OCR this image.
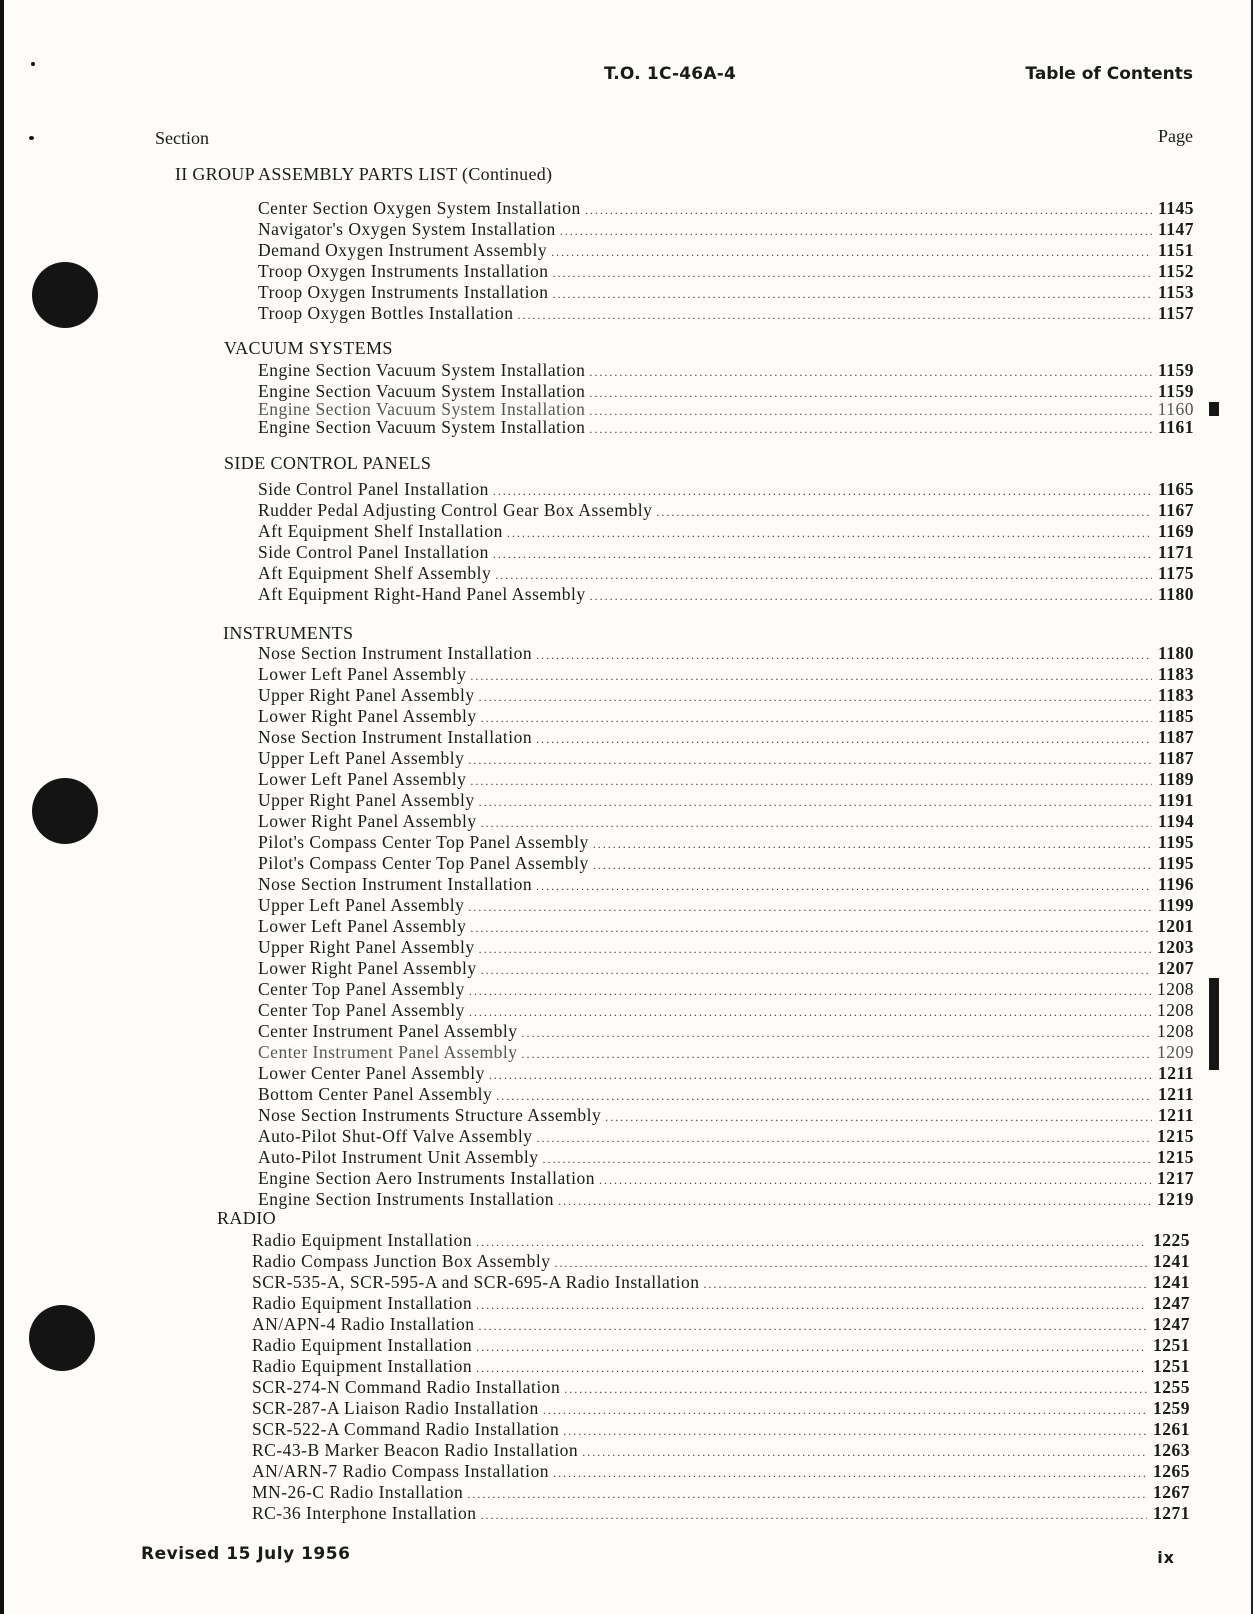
T.O. 1C-46A-4	Table of Contents
Section	Page
II GROUP ASSEMBLY PARTS LIST (Continued)
Center Section Oxygen System Installation .....	1145
Navigator's Oxygen System Installation .....	1147
Demand Oxygen Instrument Assembly .....	1151
Troop Oxygen Instruments Installation .....	1152
Troop Oxygen Instruments Installation .....	1153
Troop Oxygen Bottles Installation .....	1157
VACUUM SYSTEMS
Engine Section Vacuum System Installation .....	1159
Engine Section Vacuum System Installation .....	1159
Engine Section Vacuum System Installation .....	1160
Engine Section Vacuum System Installation .....	1161
SIDE CONTROL PANELS
Side Control Panel Installation .....	1165
Rudder Pedal Adjusting Control Gear Box Assembly .....	1167
Aft Equipment Shelf Installation .....	1169
Side Control Panel Installation .....	1171
Aft Equipment Shelf Assembly .....	1175
Aft Equipment Right-Hand Panel Assembly .....	1180
INSTRUMENTS
Nose Section Instrument Installation .....	1180
Lower Left Panel Assembly .....	1183
Upper Right Panel Assembly .....	1183
Lower Right Panel Assembly .....	1185
Nose Section Instrument Installation .....	1187
Upper Left Panel Assembly .....	1187
Lower Left Panel Assembly .....	1189
Upper Right Panel Assembly .....	1191
Lower Right Panel Assembly .....	1194
Pilot's Compass Center Top Panel Assembly .....	1195
Pilot's Compass Center Top Panel Assembly .....	1195
Nose Section Instrument Installation .....	1196
Upper Left Panel Assembly .....	1199
Lower Left Panel Assembly .....	1201
Upper Right Panel Assembly .....	1203
Lower Right Panel Assembly .....	1207
Center Top Panel Assembly .....	1208
Center Top Panel Assembly .....	1208
Center Instrument Panel Assembly .....	1208
Center Instrument Panel Assembly .....	1209
Lower Center Panel Assembly .....	1211
Bottom Center Panel Assembly .....	1211
Nose Section Instruments Structure Assembly .....	1211
Auto-Pilot Shut-Off Valve Assembly .....	1215
Auto-Pilot Instrument Unit Assembly .....	1215
Engine Section Aero Instruments Installation .....	1217
Engine Section Instruments Installation .....	1219
RADIO
Radio Equipment Installation .....	1225
Radio Compass Junction Box Assembly .....	1241
SCR-535-A, SCR-595-A and SCR-695-A Radio Installation .....	1241
Radio Equipment Installation .....	1247
AN/APN-4 Radio Installation .....	1247
Radio Equipment Installation .....	1251
Radio Equipment Installation .....	1251
SCR-274-N Command Radio Installation .....	1255
SCR-287-A Liaison Radio Installation .....	1259
SCR-522-A Command Radio Installation .....	1261
RC-43-B Marker Beacon Radio Installation .....	1263
AN/ARN-7 Radio Compass Installation .....	1265
MN-26-C Radio Installation .....	1267
RC-36 Interphone Installation .....	1271
Revised 15 July 1956	ix
